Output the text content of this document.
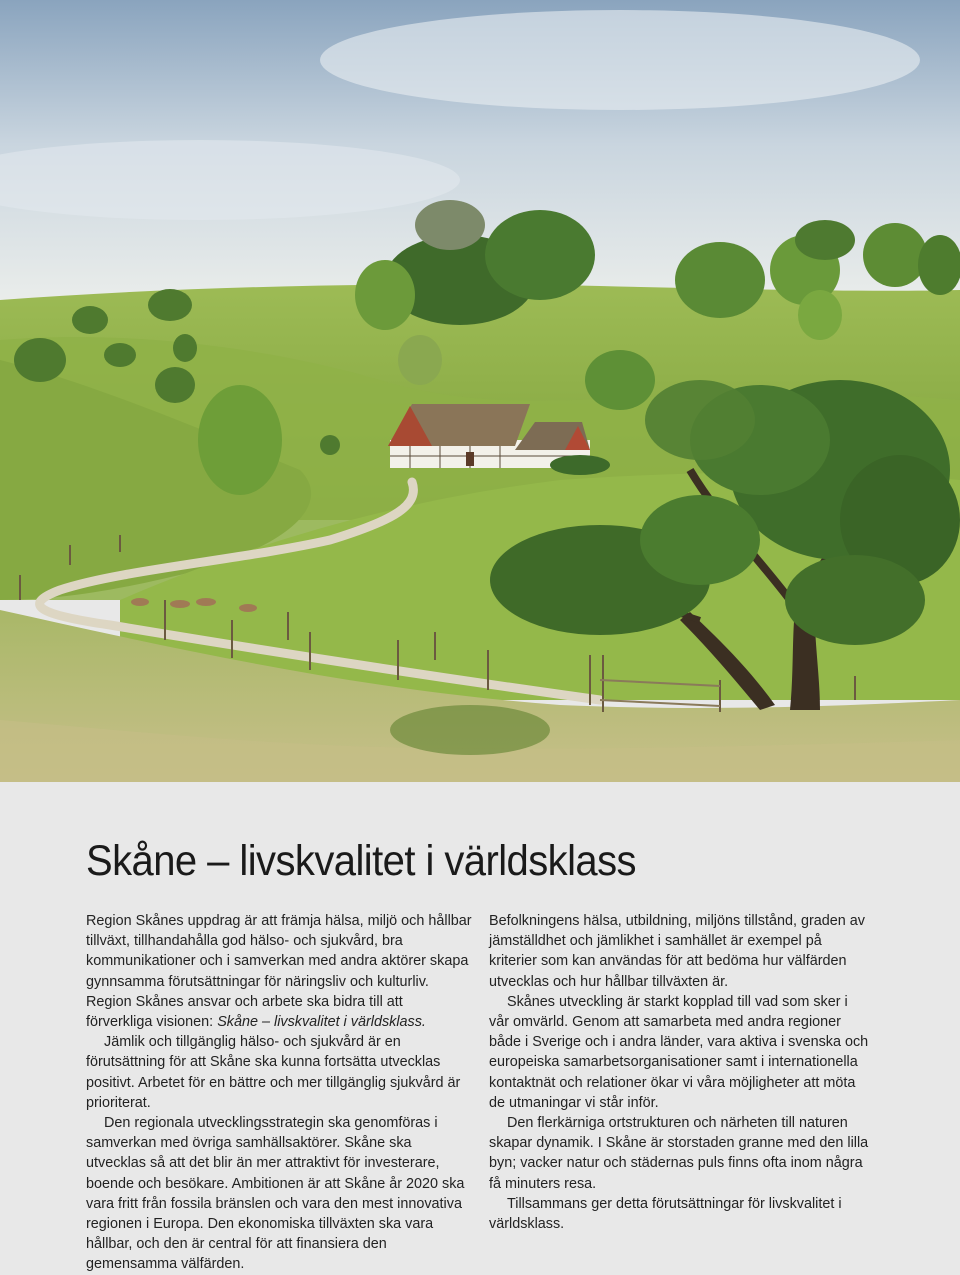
Skåne – livskvalitet i världsklass

Region Skånes uppdrag är att främja hälsa, miljö och hållbar tillväxt, tillhandahålla god hälso- och sjukvård, bra kommunikationer och i samverkan med andra aktörer skapa gynnsamma förutsättningar för näringsliv och kulturliv. Region Skånes ansvar och arbete ska bidra till att förverkliga visionen: Skåne – livskvalitet i världsklass.

Jämlik och tillgänglig hälso- och sjukvård är en förutsättning för att Skåne ska kunna fortsätta utvecklas positivt. Arbetet för en bättre och mer tillgänglig sjukvård är prioriterat.

Den regionala utvecklingsstrategin ska genomföras i samverkan med övriga samhällsaktörer. Skåne ska utvecklas så att det blir än mer attraktivt för investerare, boende och besökare. Ambitionen är att Skåne år 2020 ska vara fritt från fossila bränslen och vara den mest innovativa regionen i Europa. Den ekonomiska tillväxten ska vara hållbar, och den är central för att finansiera den gemensamma välfärden.

Befolkningens hälsa, utbildning, miljöns tillstånd, graden av jämställdhet och jämlikhet i samhället är exempel på kriterier som kan användas för att bedöma hur välfärden utvecklas och hur hållbar tillväxten är.

Skånes utveckling är starkt kopplad till vad som sker i vår omvärld. Genom att samarbeta med andra regioner både i Sverige och i andra länder, vara aktiva i svenska och europeiska samarbetsorganisationer samt i internationella kontaktnät och relationer ökar vi våra möjligheter att möta de utmaningar vi står inför.

Den flerkärniga ortstrukturen och närheten till naturen skapar dynamik. I Skåne är storstaden granne med den lilla byn; vacker natur och städernas puls finns ofta inom några få minuters resa.

Tillsammans ger detta förutsättningar för livskvalitet i världsklass.
